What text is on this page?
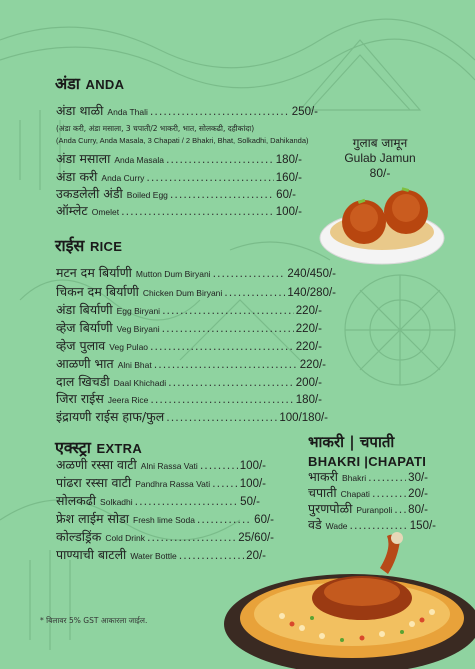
अंडा ANDA
अंडा थाळी Anda Thali .....	250/-
(अंडा करी, अंडा मसाला, 3 चपाती/2 भाकरी, भात, सोलकढी, दहीकांदा)
(Anda Curry, Anda Masala, 3 Chapati / 2 Bhakri, Bhat, Solkadhi, Dahikanda)
अंडा मसाला Anda Masala .....	180/-
अंडा करी Anda Curry .....	160/-
उकडलेली अंडी Boiled Egg .....	60/-
ऑम्लेट Omelet .....	100/-
गुलाब जामून
Gulab Jamun
80/-
राईस RICE
मटन दम बिर्याणी Mutton Dum Biryani .....	240/450/-
चिकन दम बिर्याणी Chicken Dum Biryani .....	140/280/-
अंडा बिर्याणी Egg Biryani .....	220/-
व्हेज बिर्याणी Veg Biryani .....	220/-
व्हेज पुलाव Veg Pulao .....	220/-
आळणी भात Alni Bhat .....	220/-
दाल खिचडी Daal Khichadi .....	200/-
जिरा राईस Jeera Rice .....	180/-
इंद्रायणी राईस हाफ/फुल .....	100/180/-
एक्स्ट्रा EXTRA
अळणी रस्सा वाटी Alni Rassa Vati .....	100/-
पांढरा रस्सा वाटी Pandhra Rassa Vati .....	100/-
सोलकढी Solkadhi .....	50/-
फ्रेश लाईम सोडा Fresh lime Soda .....	60/-
कोल्डड्रिंक Cold Drink .....	25/60/-
पाण्याची बाटली Water Bottle .....	20/-
भाकरी | चपाती
BHAKRI |CHAPATI
भाकरी Bhakri .....	30/-
चपाती Chapati .....	20/-
पुरणपोळी Puranpoli ..... 80/-
वडे Wade .....	150/-
* बिलावर 5% GST आकारला जाईल.
